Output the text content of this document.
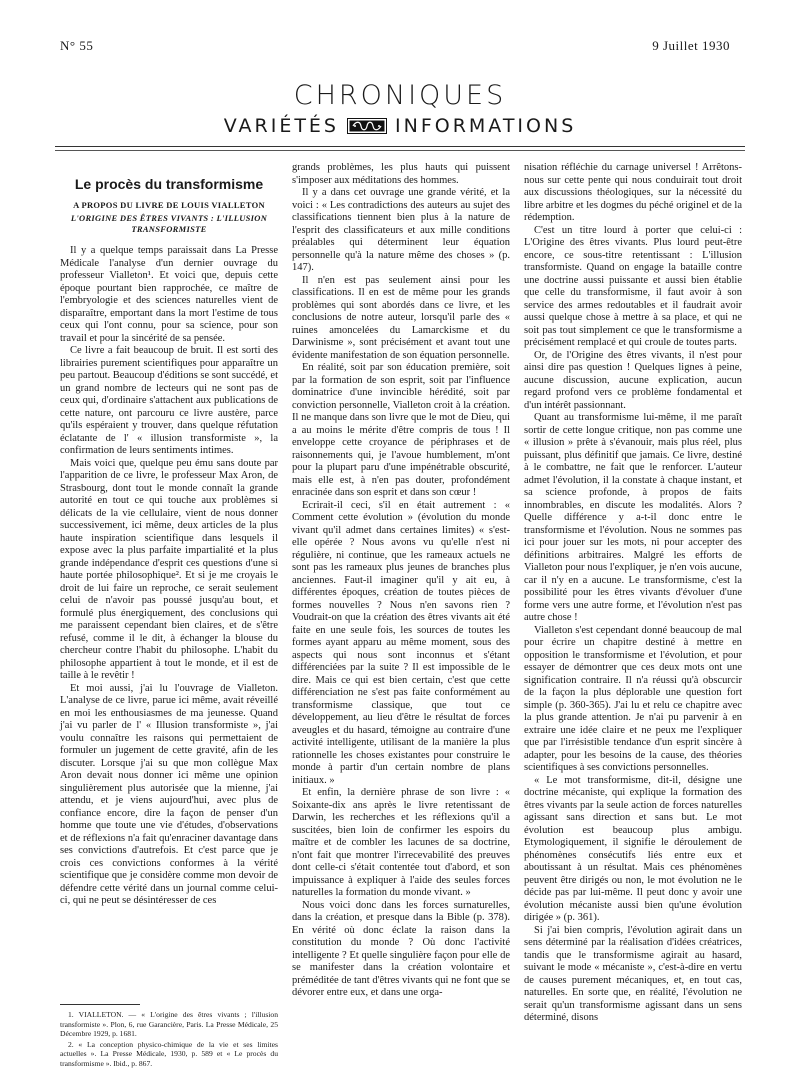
N° 55	9 Juillet 1930
CHRONIQUES
VARIÉTÉS	INFORMATIONS
Le procès du transformisme
A PROPOS DU LIVRE DE LOUIS VIALLETON
L'ORIGINE DES ÊTRES VIVANTS : L'ILLUSION TRANSFORMISTE

Il y a quelque temps paraissait dans La Presse Médicale l'analyse d'un dernier ouvrage du professeur Vialleton¹. Et voici que, depuis cette époque pourtant bien rapprochée, ce maître de l'embryologie et des sciences naturelles vient de disparaître, emportant dans la mort l'estime de tous ceux qui l'ont connu, pour sa science, pour son travail et pour la sincérité de sa pensée.

Ce livre a fait beaucoup de bruit. Il est sorti des librairies purement scientifiques pour apparaître un peu partout. Beaucoup d'éditions se sont succédé, et un grand nombre de lecteurs qui ne sont pas de ceux qui, d'ordinaire s'attachent aux publications de cette nature, ont parcouru ce livre austère, parce qu'ils espéraient y trouver, dans quelque réfutation éclatante de l' « illusion transformiste », la confirmation de leurs sentiments intimes.

Mais voici que, quelque peu ému sans doute par l'apparition de ce livre, le professeur Max Aron, de Strasbourg, dont tout le monde connaît la grande autorité en tout ce qui touche aux problèmes si délicats de la vie cellulaire, vient de nous donner successivement, ici même, deux articles de la plus haute inspiration scientifique dans lesquels il expose avec la plus parfaite impartialité et la plus grande indépendance d'esprit ces questions d'une si haute portée philosophique². Et si je me croyais le droit de lui faire un reproche, ce serait seulement celui de n'avoir pas poussé jusqu'au bout, et formulé plus énergiquement, des conclusions qui me paraissent cependant bien claires, et de s'être refusé, comme il le dit, à échanger la blouse du chercheur contre l'habit du philosophe. L'habit du philosophe appartient à tout le monde, et il est de taille à le revêtir !

Et moi aussi, j'ai lu l'ouvrage de Vialleton. L'analyse de ce livre, parue ici même, avait réveillé en moi les enthousiasmes de ma jeunesse. Quand j'ai vu parler de l' « Illusion transformiste », j'ai voulu connaître les raisons qui permettaient de formuler un jugement de cette gravité, afin de les discuter. Lorsque j'ai su que mon collègue Max Aron devait nous donner ici même une opinion singulièrement plus autorisée que la mienne, j'ai attendu, et je viens aujourd'hui, avec plus de confiance encore, dire la façon de penser d'un homme que toute une vie d'études, d'observations et de réflexions n'a fait qu'enraciner davantage dans ses convictions d'autrefois. Et c'est parce que je crois ces convictions conformes à la vérité scientifique que je considère comme mon devoir de défendre cette vérité dans un journal comme celui-ci, qui ne peut se désintéresser de ces

grands problèmes, les plus hauts qui puissent s'imposer aux méditations des hommes.

Il y a dans cet ouvrage une grande vérité, et la voici : « Les contradictions des auteurs au sujet des classifications tiennent bien plus à la nature de l'esprit des classificateurs et aux mille conditions préalables qui déterminent leur équation personnelle qu'à la nature même des choses » (p. 147).

Il n'en est pas seulement ainsi pour les classifications. Il en est de même pour les grands problèmes qui sont abordés dans ce livre, et les conclusions de notre auteur, lorsqu'il parle des « ruines amoncelées du Lamarckisme et du Darwinisme », sont précisément et avant tout une évidente manifestation de son équation personnelle.

En réalité, soit par son éducation première, soit par la formation de son esprit, soit par l'influence dominatrice d'une invincible hérédité, soit par conviction personnelle, Vialleton croit à la création. Il ne manque dans son livre que le mot de Dieu, qui a au moins le mérite d'être compris de tous ! Il enveloppe cette croyance de périphrases et de raisonnements qui, je l'avoue humblement, m'ont pour la plupart paru d'une impénétrable obscurité, mais elle est, à n'en pas douter, profondément enracinée dans son esprit et dans son cœur !

Ecrirait-il ceci, s'il en était autrement : « Comment cette évolution » (évolution du monde vivant qu'il admet dans certaines limites) « s'est-elle opérée ? Nous avons vu qu'elle n'est ni régulière, ni continue, que les rameaux actuels ne sont pas les rameaux plus jeunes de branches plus anciennes. Faut-il imaginer qu'il y ait eu, à différentes époques, création de toutes pièces de formes nouvelles ? Nous n'en savons rien ? Voudrait-on que la création des êtres vivants ait été faite en une seule fois, les sources de toutes les formes ayant apparu au même moment, sous des aspects qui nous sont inconnus et s'étant différenciées par la suite ? Il est impossible de le dire. Mais ce qui est bien certain, c'est que cette différenciation ne s'est pas faite conformément au transformisme classique, que tout ce développement, au lieu d'être le résultat de forces aveugles et du hasard, témoigne au contraire d'une activité intelligente, utilisant de la manière la plus rationnelle les choses existantes pour construire le monde à partir d'un certain nombre de plans initiaux. »

Et enfin, la dernière phrase de son livre : « Soixante-dix ans après le livre retentissant de Darwin, les recherches et les réflexions qu'il a suscitées, bien loin de confirmer les espoirs du maître et de combler les lacunes de sa doctrine, n'ont fait que montrer l'irrecevabilité des preuves dont celle-ci s'était contentée tout d'abord, et son impuissance à expliquer à l'aide des seules forces naturelles la formation du monde vivant. »

Nous voici donc dans les forces surnaturelles, dans la création, et presque dans la Bible (p. 378). En vérité où donc éclate la raison dans la constitution du monde ? Où donc l'activité intelligente ? Et quelle singulière façon pour elle de se manifester dans la création volontaire et préméditée de tant d'êtres vivants qui ne font que se dévorer entre eux, et dans une orga-

nisation réfléchie du carnage universel ! Arrêtons-nous sur cette pente qui nous conduirait tout droit aux discussions théologiques, sur la nécessité du libre arbitre et les dogmes du péché originel et de la rédemption.

C'est un titre lourd à porter que celui-ci : L'Origine des êtres vivants. Plus lourd peut-être encore, ce sous-titre retentissant : L'illusion transformiste. Quand on engage la bataille contre une doctrine aussi puissante et aussi bien établie que celle du transformisme, il faut avoir à son service des armes redoutables et il faudrait avoir aussi quelque chose à mettre à sa place, et qui ne soit pas tout simplement ce que le transformisme a précisément remplacé et qui croule de toutes parts.

Or, de l'Origine des êtres vivants, il n'est pour ainsi dire pas question ! Quelques lignes à peine, aucune discussion, aucune explication, aucun regard profond vers ce problème fondamental et d'un intérêt passionnant.

Quant au transformisme lui-même, il me paraît sortir de cette longue critique, non pas comme une « illusion » prête à s'évanouir, mais plus réel, plus puissant, plus définitif que jamais. Ce livre, destiné à le combattre, ne fait que le renforcer. L'auteur admet l'évolution, il la constate à chaque instant, et sa science profonde, à propos de faits innombrables, en discute les modalités. Alors ? Quelle différence y a-t-il donc entre le transformisme et l'évolution. Nous ne sommes pas ici pour jouer sur les mots, ni pour accepter des définitions arbitraires. Malgré les efforts de Vialleton pour nous l'expliquer, je n'en vois aucune, car il n'y en a aucune. Le transformisme, c'est la possibilité pour les êtres vivants d'évoluer d'une forme vers une autre forme, et l'évolution n'est pas autre chose !

Vialleton s'est cependant donné beaucoup de mal pour écrire un chapitre destiné à mettre en opposition le transformisme et l'évolution, et pour essayer de démontrer que ces deux mots ont une signification contraire. Il n'a réussi qu'à obscurcir de la façon la plus déplorable une question fort simple (p. 360-365). J'ai lu et relu ce chapitre avec la plus grande attention. Je n'ai pu parvenir à en extraire une idée claire et ne peux me l'expliquer que par l'irrésistible tendance d'un esprit sincère à adapter, pour les besoins de la cause, des théories scientifiques à ses convictions personnelles.

« Le mot transformisme, dit-il, désigne une doctrine mécaniste, qui explique la formation des êtres vivants par la seule action de forces naturelles agissant sans direction et sans but. Le mot évolution est beaucoup plus ambigu. Etymologiquement, il signifie le déroulement de phénomènes consécutifs liés entre eux et aboutissant à un résultat. Mais ces phénomènes peuvent être dirigés ou non, le mot évolution ne le décide pas par lui-même. Il peut donc y avoir une évolution mécaniste aussi bien qu'une évolution dirigée » (p. 361).

Si j'ai bien compris, l'évolution agirait dans un sens déterminé par la réalisation d'idées créatrices, tandis que le transformisme agirait au hasard, suivant le mode « mécaniste », c'est-à-dire en vertu de causes purement mécaniques, et, en tout cas, naturelles. En sorte que, en réalité, l'évolution ne serait qu'un transformisme agissant dans un sens déterminé, disons

1. VIALLETON. — « L'origine des êtres vivants ; l'illusion transformiste ». Plon, 6, rue Garancière, Paris. La Presse Médicale, 25 Décembre 1929, p. 1681.

2. « La conception physico-chimique de la vie et ses limites actuelles ». La Presse Médicale, 1930, p. 589 et « Le procès du transformisme ». Ibid., p. 867.
